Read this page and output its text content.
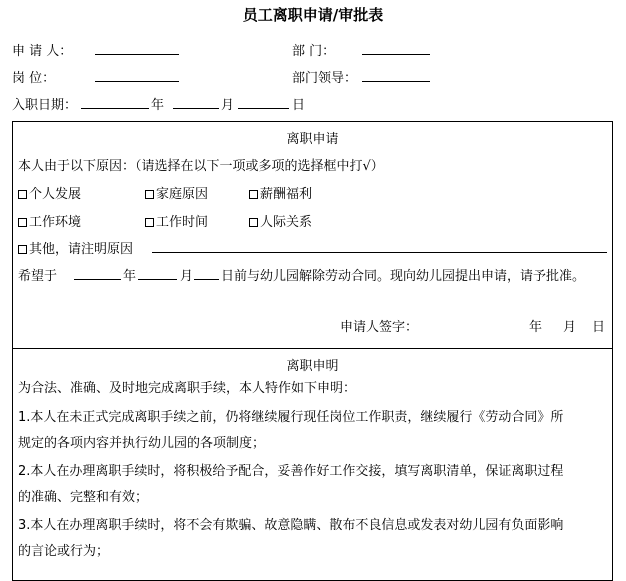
员工离职申请/审批表
申 请 人：	部 门：
岗 位：	部门领导：
入职日期：	年	月	日
离职申请
本人由于以下原因：（请选择在以下一项或多项的选择框中打√）
个人发展	家庭原因	薪酬福利
工作环境	工作时间	人际关系
其他，请注明原因
希望于	年	月 日前与幼儿园解除劳动合同。现向幼儿园提出申请，请予批准。
申请人签字：	年 月 日
离职申明
为合法、准确、及时地完成离职手续，本人特作如下申明：
1.本人在未正式完成离职手续之前，仍将继续履行现任岗位工作职责，继续履行《劳动合同》所
规定的各项内容并执行幼儿园的各项制度；
2.本人在办理离职手续时，将积极给予配合，妥善作好工作交接，填写离职清单，保证离职过程
的准确、完整和有效；
3.本人在办理离职手续时，将不会有欺骗、故意隐瞒、散布不良信息或发表对幼儿园有负面影响
的言论或行为；
